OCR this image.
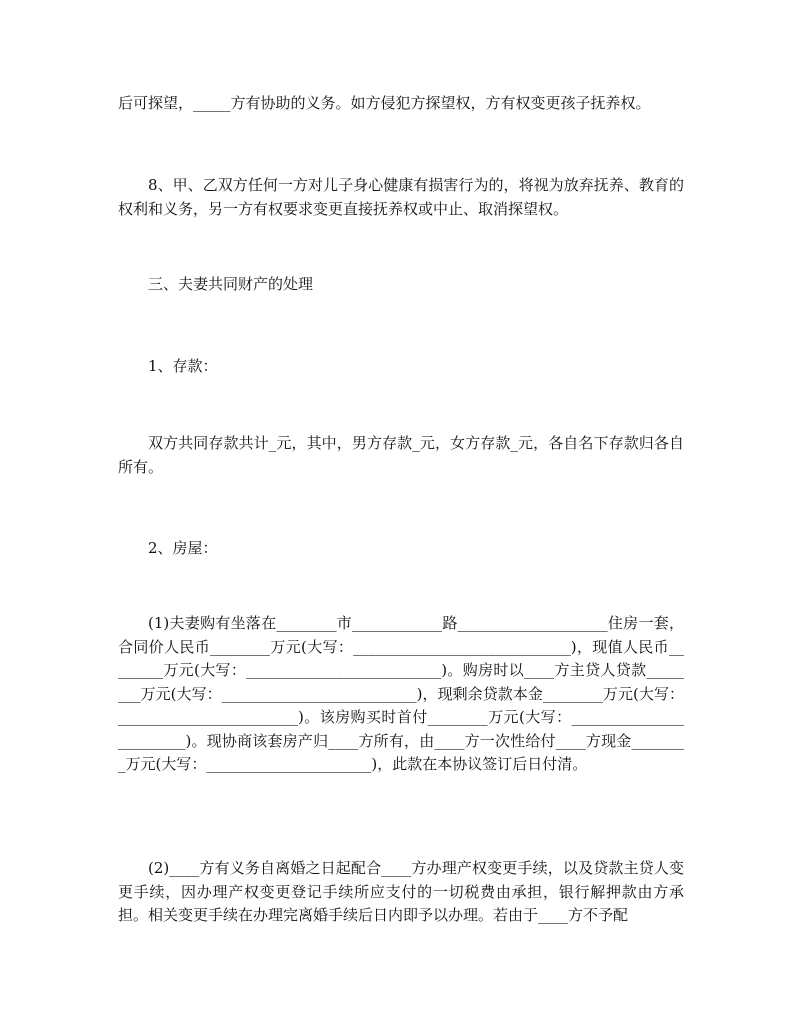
后可探望，_____方有协助的义务。如方侵犯方探望权，方有权变更孩子抚养权。

8、甲、乙双方任何一方对儿子身心健康有损害行为的，将视为放弃抚养、教育的权利和义务，另一方有权要求变更直接抚养权或中止、取消探望权。

三、夫妻共同财产的处理

1、存款：

双方共同存款共计_元，其中，男方存款_元，女方存款_元，各自名下存款归各自所有。

2、房屋：

(1)夫妻购有坐落在________市____________路____________________住房一套，合同价人民币________万元(大写：_____________________________)，现值人民币________万元(大写：__________________________)。购房时以____方主贷人贷款________万元(大写：__________________________)，现剩余贷款本金________万元(大写：________________________)。该房购买时首付________万元(大写：________________________)。现协商该套房产归____方所有，由____方一次性给付____方现金________万元(大写：______________________)，此款在本协议签订后日付清。

(2)____方有义务自离婚之日起配合____方办理产权变更手续，以及贷款主贷人变更手续，因办理产权变更登记手续所应支付的一切税费由承担，银行解押款由方承担。相关变更手续在办理完离婚手续后日内即予以办理。若由于____方不予配
